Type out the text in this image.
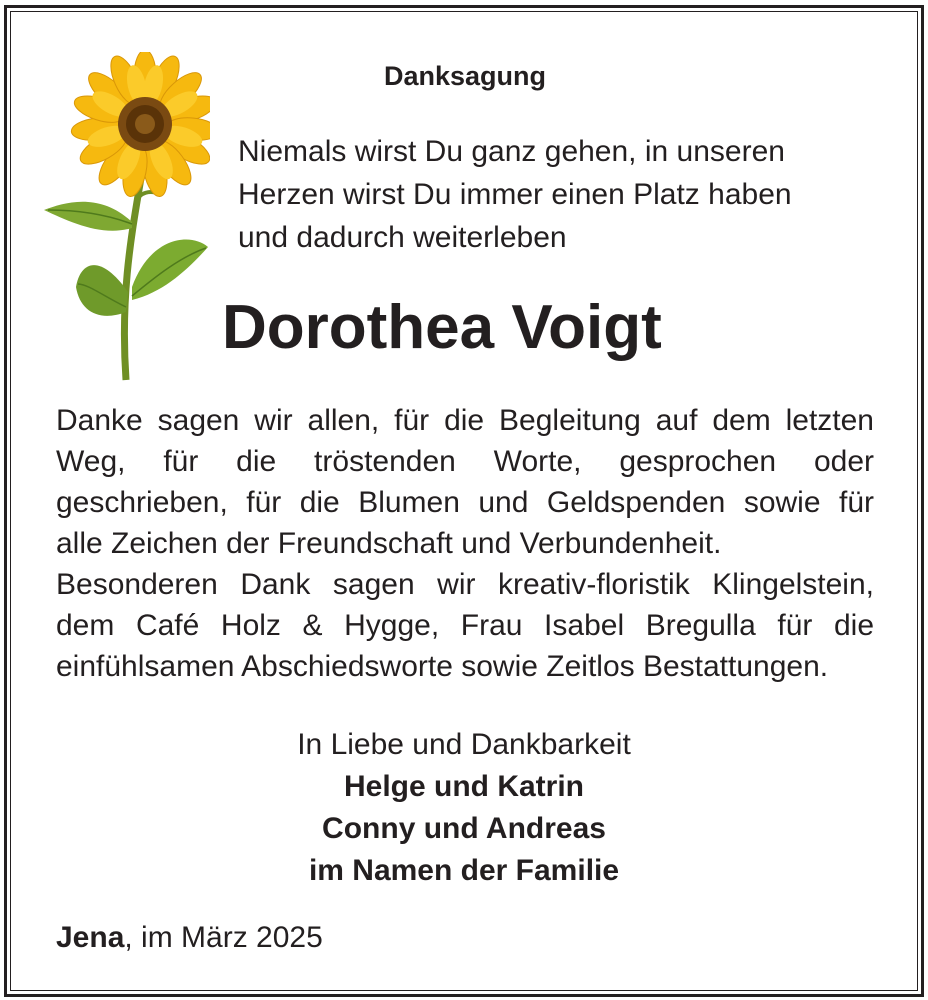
Danksagung
Niemals wirst Du ganz gehen, in unseren
Herzen wirst Du immer einen Platz haben
und dadurch weiterleben
Dorothea Voigt
Danke sagen wir allen, für die Begleitung auf dem letzten
Weg, für die tröstenden Worte, gesprochen oder
geschrieben, für die Blumen und Geldspenden sowie für
alle Zeichen der Freundschaft und Verbundenheit.
Besonderen Dank sagen wir kreativ-floristik Klingelstein,
dem Café Holz & Hygge, Frau Isabel Bregulla für die
einfühlsamen Abschiedsworte sowie Zeitlos Bestattungen.
In Liebe und Dankbarkeit
Helge und Katrin
Conny und Andreas
im Namen der Familie
Jena, im März 2025
